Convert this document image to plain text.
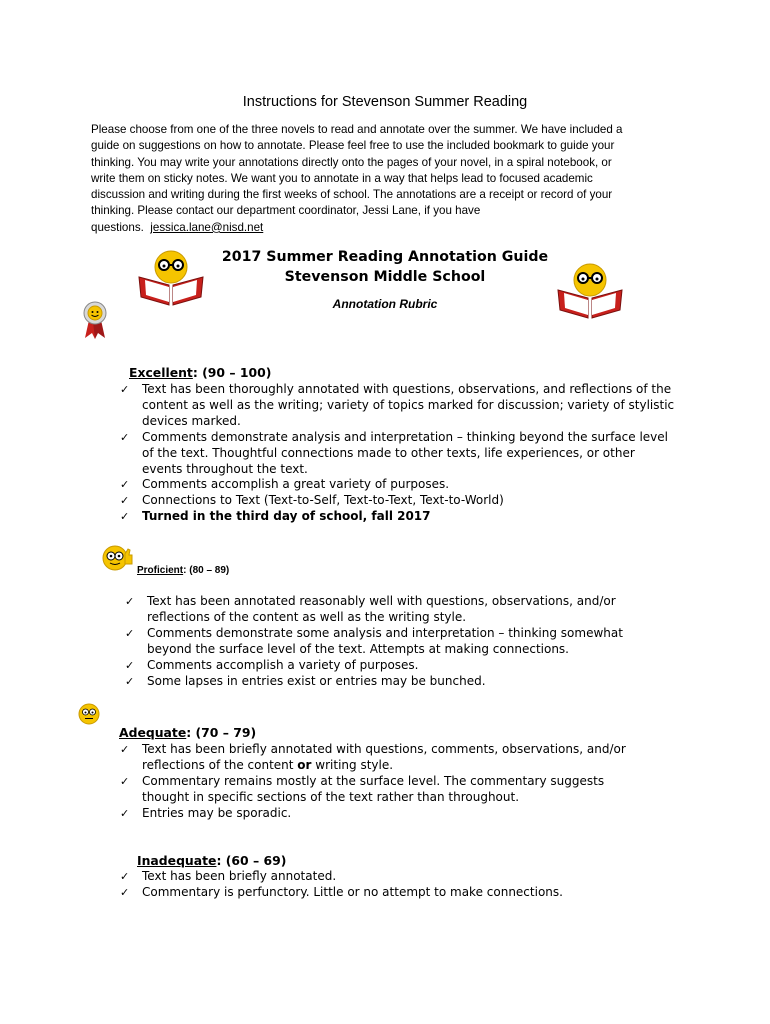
Instructions for Stevenson Summer Reading
Please choose from one of the three novels to read and annotate over the summer. We have included a
guide on suggestions on how to annotate. Please feel free to use the included bookmark to guide your
thinking. You may write your annotations directly onto the pages of your novel, in a spiral notebook, or
write them on sticky notes. We want you to annotate in a way that helps lead to focused academic
discussion and writing during the first weeks of school. The annotations are a receipt or record of your
thinking. Please contact our department coordinator, Jessi Lane, if you have
questions.  jessica.lane@nisd.net
2017 Summer Reading Annotation Guide
Stevenson Middle School
Annotation Rubric
Excellent: (90 – 100)
✓ Text has been thoroughly annotated with questions, observations, and reflections of the content as well as the writing; variety of topics marked for discussion; variety of stylistic devices marked.
✓ Comments demonstrate analysis and interpretation – thinking beyond the surface level of the text. Thoughtful connections made to other texts, life experiences, or other events throughout the text.
✓ Comments accomplish a great variety of purposes.
✓ Connections to Text (Text-to-Self, Text-to-Text, Text-to-World)
✓ Turned in the third day of school, fall 2017
Proficient: (80 – 89)
✓ Text has been annotated reasonably well with questions, observations, and/or reflections of the content as well as the writing style.
✓ Comments demonstrate some analysis and interpretation – thinking somewhat beyond the surface level of the text. Attempts at making connections.
✓ Comments accomplish a variety of purposes.
✓ Some lapses in entries exist or entries may be bunched.
Adequate: (70 – 79)
✓ Text has been briefly annotated with questions, comments, observations, and/or reflections of the content or writing style.
✓ Commentary remains mostly at the surface level. The commentary suggests thought in specific sections of the text rather than throughout.
✓ Entries may be sporadic.
Inadequate: (60 – 69)
✓ Text has been briefly annotated.
✓ Commentary is perfunctory. Little or no attempt to make connections.
